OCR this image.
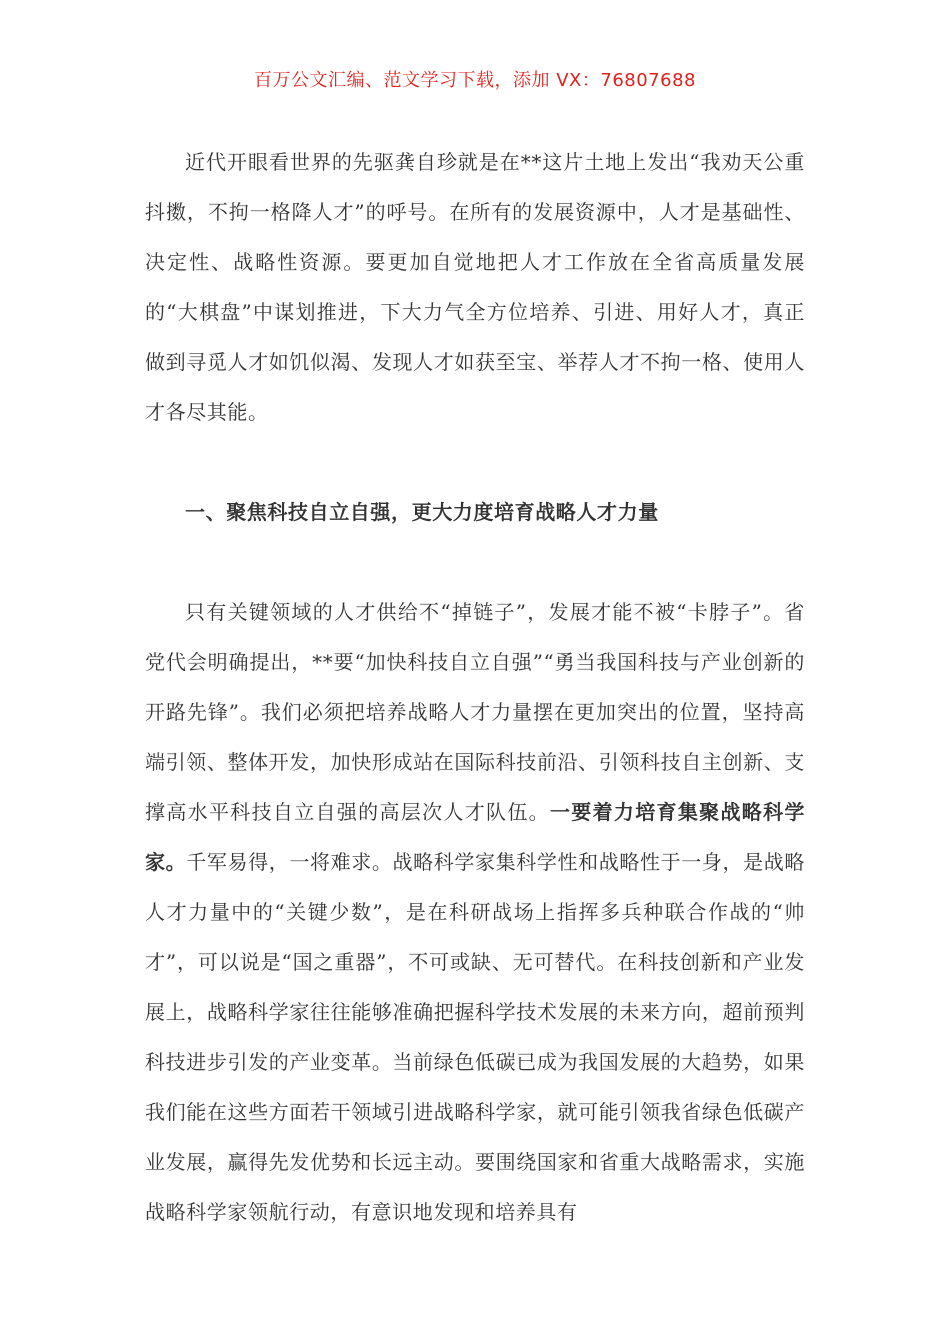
百万公文汇编、范文学习下载，添加 VX：76807688

近代开眼看世界的先驱龚自珍就是在**这片土地上发出“我劝天公重抖擞，不拘一格降人才”的呼号。在所有的发展资源中，人才是基础性、决定性、战略性资源。要更加自觉地把人才工作放在全省高质量发展的“大棋盘”中谋划推进，下大力气全方位培养、引进、用好人才，真正做到寻觅人才如饥似渴、发现人才如获至宝、举荐人才不拘一格、使用人才各尽其能。

一、聚焦科技自立自强，更大力度培育战略人才力量

只有关键领域的人才供给不“掉链子”，发展才能不被“卡脖子”。省党代会明确提出，**要“加快科技自立自强”“勇当我国科技与产业创新的开路先锋”。我们必须把培养战略人才力量摆在更加突出的位置，坚持高端引领、整体开发，加快形成站在国际科技前沿、引领科技自主创新、支撑高水平科技自立自强的高层次人才队伍。一要着力培育集聚战略科学家。千军易得，一将难求。战略科学家集科学性和战略性于一身，是战略人才力量中的“关键少数”，是在科研战场上指挥多兵种联合作战的“帅才”，可以说是“国之重器”，不可或缺、无可替代。在科技创新和产业发展上，战略科学家往往能够准确把握科学技术发展的未来方向，超前预判科技进步引发的产业变革。当前绿色低碳已成为我国发展的大趋势，如果我们能在这些方面若干领域引进战略科学家，就可能引领我省绿色低碳产业发展，赢得先发优势和长远主动。要围绕国家和省重大战略需求，实施战略科学家领航行动，有意识地发现和培养具有
